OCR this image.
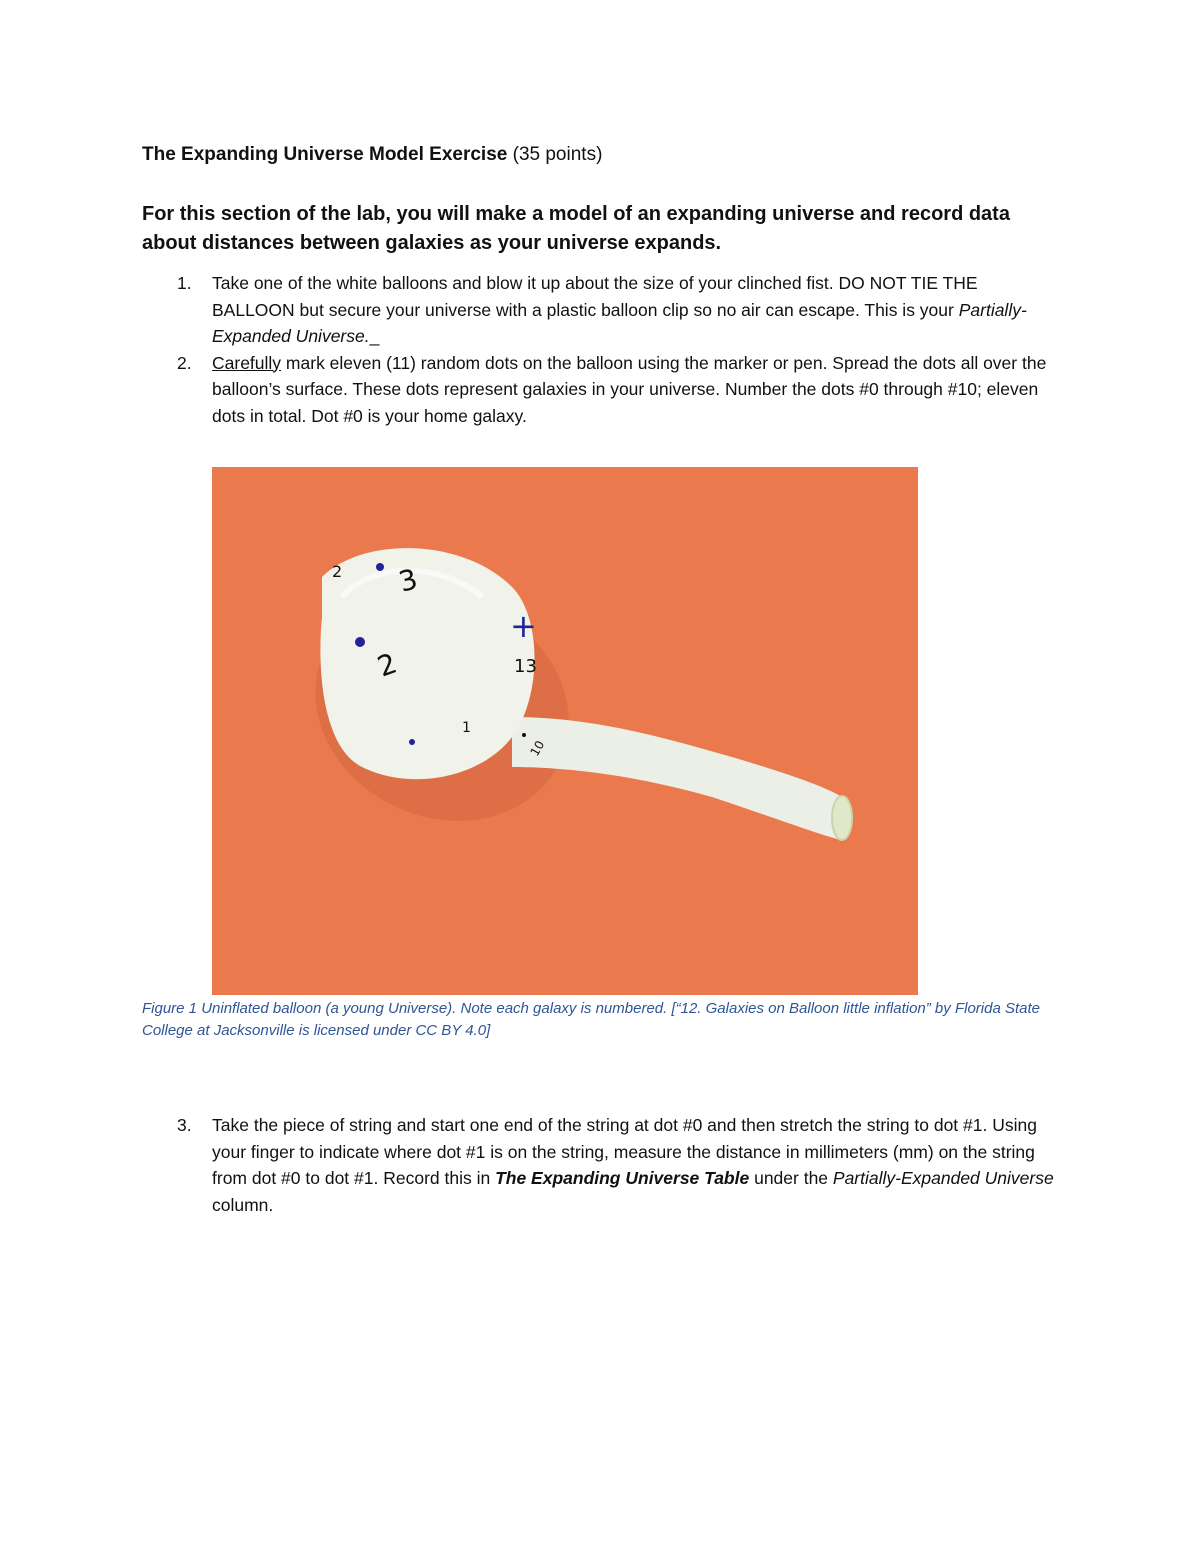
The Expanding Universe Model Exercise (35 points)
For this section of the lab, you will make a model of an expanding universe and record data about distances between galaxies as your universe expands.
1. Take one of the white balloons and blow it up about the size of your clinched fist. DO NOT TIE THE BALLOON but secure your universe with a plastic balloon clip so no air can escape. This is your Partially-Expanded Universe._
2. Carefully mark eleven (11) random dots on the balloon using the marker or pen. Spread the dots all over the balloon’s surface. These dots represent galaxies in your universe. Number the dots #0 through #10; eleven dots in total. Dot #0 is your home galaxy.
3
2
+
13
2
1
10
Figure 1 Uninflated balloon (a young Universe). Note each galaxy is numbered. [“12. Galaxies on Balloon little inflation” by Florida State College at Jacksonville is licensed under CC BY 4.0]
3. Take the piece of string and start one end of the string at dot #0 and then stretch the string to dot #1. Using your finger to indicate where dot #1 is on the string, measure the distance in millimeters (mm) on the string from dot #0 to dot #1. Record this in The Expanding Universe Table under the Partially-Expanded Universe column.
